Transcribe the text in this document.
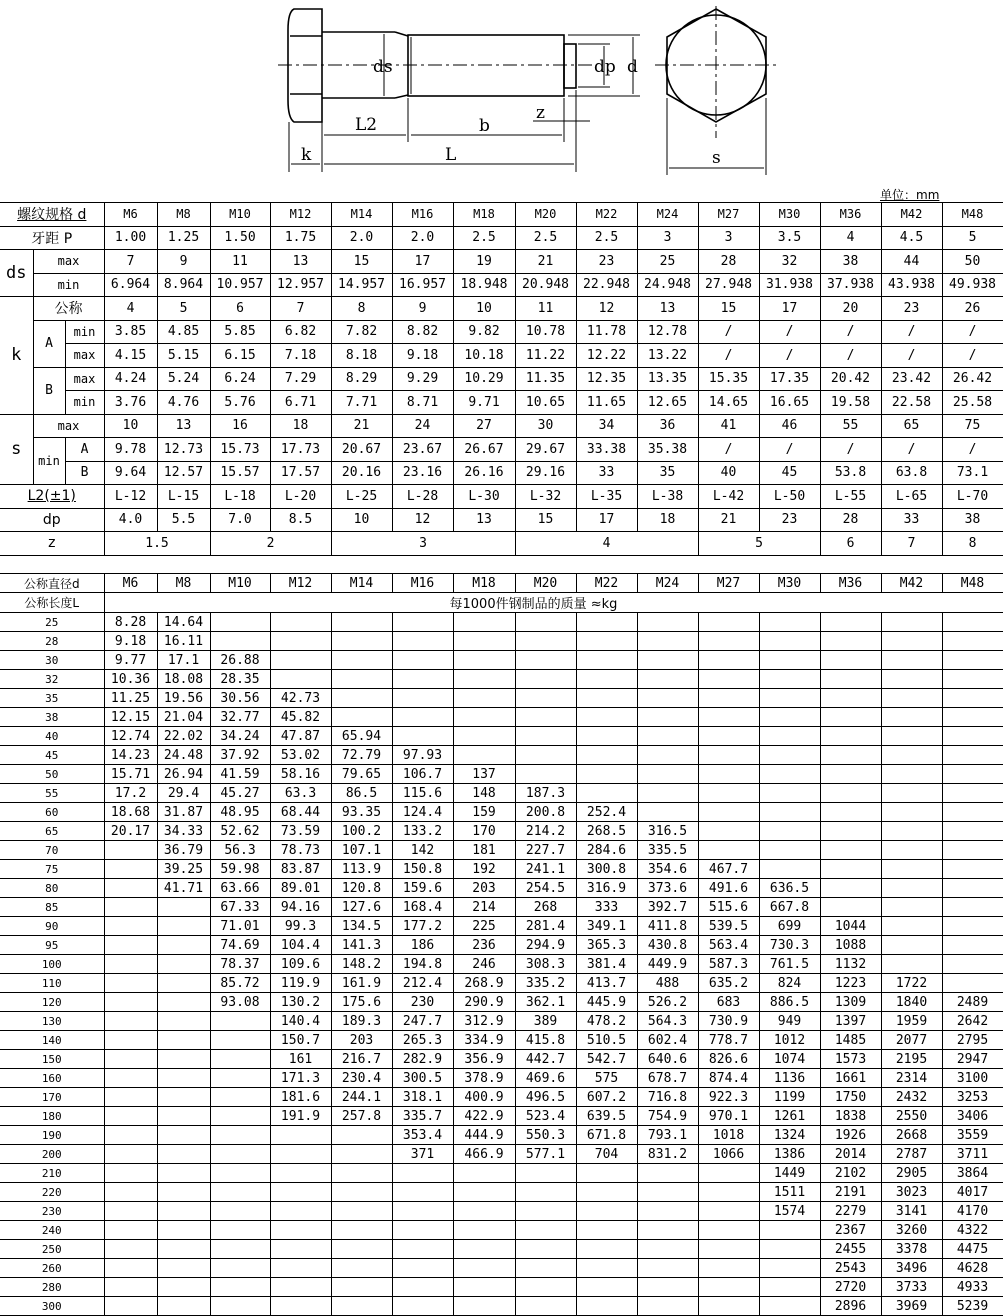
ds	dp d
L2	b
z
k	L	s
单位：mm
螺纹规格 d			M6	M8	M10	M12	M14	M16	M18	M20	M22	M24	M27	M30	M36	M42	M48
牙距 P			1.00	1.25	1.50	1.75	2.0	2.0	2.5	2.5	2.5	3	3	3.5	4	4.5	5
ds	max		7	9	11	13	15	17	19	21	23	25	28	32	38	44	50
	min		6.964	8.964	10.957	12.957	14.957	16.957	18.948	20.948	22.948	24.948	27.948	31.938	37.938	43.938	49.938
k	公称		4	5	6	7	8	9	10	11	12	13	15	17	20	23	26
	A	min	3.85	4.85	5.85	6.82	7.82	8.82	9.82	10.78	11.78	12.78	/	/	/	/	/
		max	4.15	5.15	6.15	7.18	8.18	9.18	10.18	11.22	12.22	13.22	/	/	/	/	/
	B	max	4.24	5.24	6.24	7.29	8.29	9.29	10.29	11.35	12.35	13.35	15.35	17.35	20.42	23.42	26.42
		min	3.76	4.76	5.76	6.71	7.71	8.71	9.71	10.65	11.65	12.65	14.65	16.65	19.58	22.58	25.58
s	max		10	13	16	18	21	24	27	30	34	36	41	46	55	65	75
	min	A	9.78	12.73	15.73	17.73	20.67	23.67	26.67	29.67	33.38	35.38	/	/	/	/	/
		B	9.64	12.57	15.57	17.57	20.16	23.16	26.16	29.16	33	35	40	45	53.8	63.8	73.1
L2(±1)			L-12	L-15	L-18	L-20	L-25	L-28	L-30	L-32	L-35	L-38	L-42	L-50	L-55	L-65	L-70
dp			4.0	5.5	7.0	8.5	10	12	13	15	17	18	21	23	28	33	38
z			1.5		2		3			4			5		6	7	8
公称直径d	M6	M8	M10	M12	M14	M16	M18	M20	M22	M24	M27	M30	M36	M42	M48
公称长度L	每1000件钢制品的质量 ≈kg														
25	8.28	14.64													
28	9.18	16.11													
30	9.77	17.1	26.88												
32	10.36	18.08	28.35												
35	11.25	19.56	30.56	42.73											
38	12.15	21.04	32.77	45.82											
40	12.74	22.02	34.24	47.87	65.94										
45	14.23	24.48	37.92	53.02	72.79	97.93									
50	15.71	26.94	41.59	58.16	79.65	106.7	137								
55	17.2	29.4	45.27	63.3	86.5	115.6	148	187.3							
60	18.68	31.87	48.95	68.44	93.35	124.4	159	200.8	252.4						
65	20.17	34.33	52.62	73.59	100.2	133.2	170	214.2	268.5	316.5					
70		36.79	56.3	78.73	107.1	142	181	227.7	284.6	335.5					
75		39.25	59.98	83.87	113.9	150.8	192	241.1	300.8	354.6	467.7				
80		41.71	63.66	89.01	120.8	159.6	203	254.5	316.9	373.6	491.6	636.5			
85			67.33	94.16	127.6	168.4	214	268	333	392.7	515.6	667.8			
90			71.01	99.3	134.5	177.2	225	281.4	349.1	411.8	539.5	699	1044		
95			74.69	104.4	141.3	186	236	294.9	365.3	430.8	563.4	730.3	1088		
100			78.37	109.6	148.2	194.8	246	308.3	381.4	449.9	587.3	761.5	1132		
110			85.72	119.9	161.9	212.4	268.9	335.2	413.7	488	635.2	824	1223	1722	
120			93.08	130.2	175.6	230	290.9	362.1	445.9	526.2	683	886.5	1309	1840	2489
130				140.4	189.3	247.7	312.9	389	478.2	564.3	730.9	949	1397	1959	2642
140				150.7	203	265.3	334.9	415.8	510.5	602.4	778.7	1012	1485	2077	2795
150				161	216.7	282.9	356.9	442.7	542.7	640.6	826.6	1074	1573	2195	2947
160				171.3	230.4	300.5	378.9	469.6	575	678.7	874.4	1136	1661	2314	3100
170				181.6	244.1	318.1	400.9	496.5	607.2	716.8	922.3	1199	1750	2432	3253
180				191.9	257.8	335.7	422.9	523.4	639.5	754.9	970.1	1261	1838	2550	3406
190						353.4	444.9	550.3	671.8	793.1	1018	1324	1926	2668	3559
200						371	466.9	577.1	704	831.2	1066	1386	2014	2787	3711
210												1449	2102	2905	3864
220												1511	2191	3023	4017
230												1574	2279	3141	4170
240													2367	3260	4322
250													2455	3378	4475
260													2543	3496	4628
280													2720	3733	4933
300													2896	3969	5239
